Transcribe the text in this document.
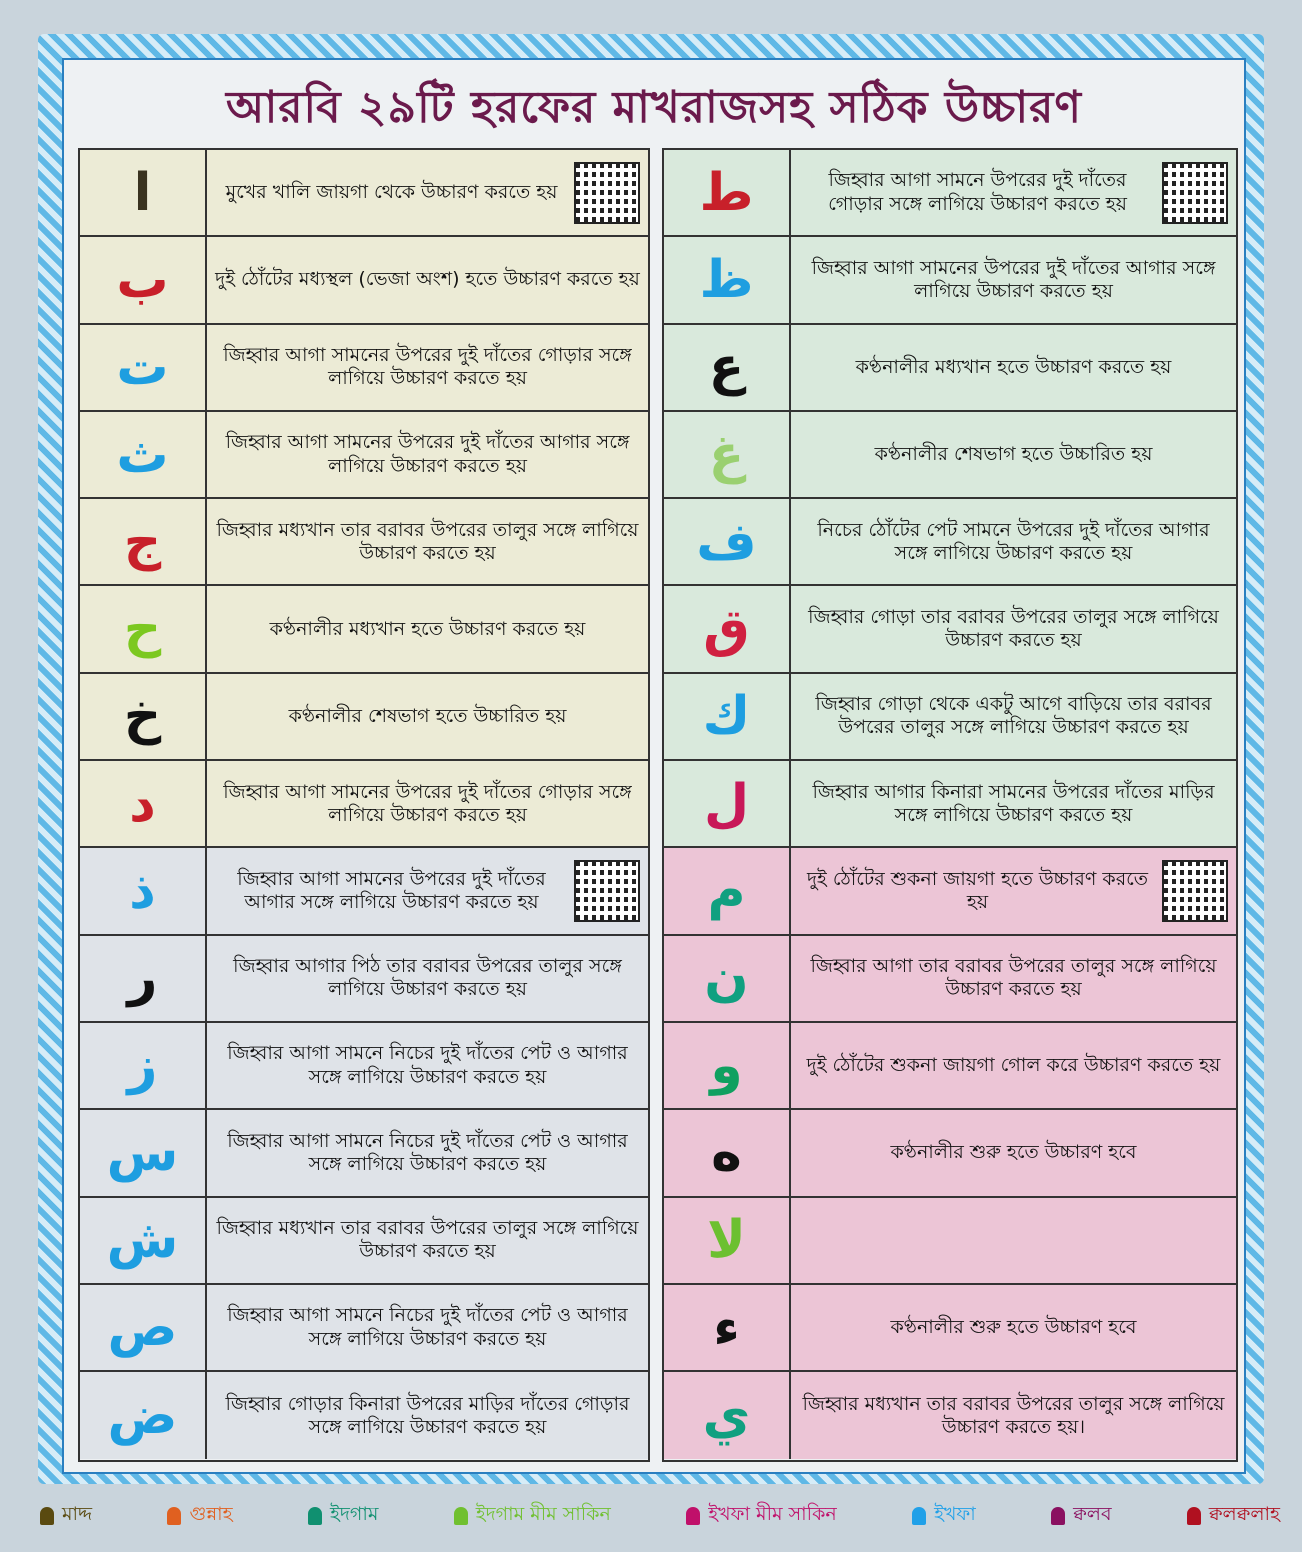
আরবি ২৯টি হরফের মাখরাজসহ সঠিক উচ্চারণ
ا	মুখের খালি জায়গা থেকে উচ্চারণ করতে হয়
ب	দুই ঠোঁটের মধ্যস্থল (ভেজা অংশ) হতে উচ্চারণ করতে হয়
ت	জিহ্বার আগা সামনের উপরের দুই দাঁতের গোড়ার সঙ্গে লাগিয়ে উচ্চারণ করতে হয়
ث	জিহ্বার আগা সামনের উপরের দুই দাঁতের আগার সঙ্গে লাগিয়ে উচ্চারণ করতে হয়
ج	জিহ্বার মধ্যখান তার বরাবর উপরের তালুর সঙ্গে লাগিয়ে উচ্চারণ করতে হয়
ح	কণ্ঠনালীর মধ্যখান হতে উচ্চারণ করতে হয়
خ	কণ্ঠনালীর শেষভাগ হতে উচ্চারিত হয়
د	জিহ্বার আগা সামনের উপরের দুই দাঁতের গোড়ার সঙ্গে লাগিয়ে উচ্চারণ করতে হয়
ذ	জিহ্বার আগা সামনের উপরের দুই দাঁতের আগার সঙ্গে লাগিয়ে উচ্চারণ করতে হয়
ر	জিহ্বার আগার পিঠ তার বরাবর উপরের তালুর সঙ্গে লাগিয়ে উচ্চারণ করতে হয়
ز	জিহ্বার আগা সামনে নিচের দুই দাঁতের পেট ও আগার সঙ্গে লাগিয়ে উচ্চারণ করতে হয়
س	জিহ্বার আগা সামনে নিচের দুই দাঁতের পেট ও আগার সঙ্গে লাগিয়ে উচ্চারণ করতে হয়
ش	জিহ্বার মধ্যখান তার বরাবর উপরের তালুর সঙ্গে লাগিয়ে উচ্চারণ করতে হয়
ص	জিহ্বার আগা সামনে নিচের দুই দাঁতের পেট ও আগার সঙ্গে লাগিয়ে উচ্চারণ করতে হয়
ض	জিহ্বার গোড়ার কিনারা উপরের মাড়ির দাঁতের গোড়ার সঙ্গে লাগিয়ে উচ্চারণ করতে হয়
ط	জিহ্বার আগা সামনে উপরের দুই দাঁতের গোড়ার সঙ্গে লাগিয়ে উচ্চারণ করতে হয়
ظ	জিহ্বার আগা সামনের উপরের দুই দাঁতের আগার সঙ্গে লাগিয়ে উচ্চারণ করতে হয়
ع	কণ্ঠনালীর মধ্যখান হতে উচ্চারণ করতে হয়
غ	কণ্ঠনালীর শেষভাগ হতে উচ্চারিত হয়
ف	নিচের ঠোঁটের পেট সামনে উপরের দুই দাঁতের আগার সঙ্গে লাগিয়ে উচ্চারণ করতে হয়
ق	জিহ্বার গোড়া তার বরাবর উপরের তালুর সঙ্গে লাগিয়ে উচ্চারণ করতে হয়
ك	জিহ্বার গোড়া থেকে একটু আগে বাড়িয়ে তার বরাবর উপরের তালুর সঙ্গে লাগিয়ে উচ্চারণ করতে হয়
ل	জিহ্বার আগার কিনারা সামনের উপরের দাঁতের মাড়ির সঙ্গে লাগিয়ে উচ্চারণ করতে হয়
م	দুই ঠোঁটের শুকনা জায়গা হতে উচ্চারণ করতে হয়
ن	জিহ্বার আগা তার বরাবর উপরের তালুর সঙ্গে লাগিয়ে উচ্চারণ করতে হয়
و	দুই ঠোঁটের শুকনা জায়গা গোল করে উচ্চারণ করতে হয়
ه	কণ্ঠনালীর শুরু হতে উচ্চারণ হবে
لا
ء	কণ্ঠনালীর শুরু হতে উচ্চারণ হবে
ي	জিহ্বার মধ্যখান তার বরাবর উপরের তালুর সঙ্গে লাগিয়ে উচ্চারণ করতে হয়।
মাদ্দ	গুন্নাহ	ইদগাম	ইদগাম মীম সাকিন	ইখফা মীম সাকিন	ইখফা	ক্বলব	ক্বলক্বলাহ
